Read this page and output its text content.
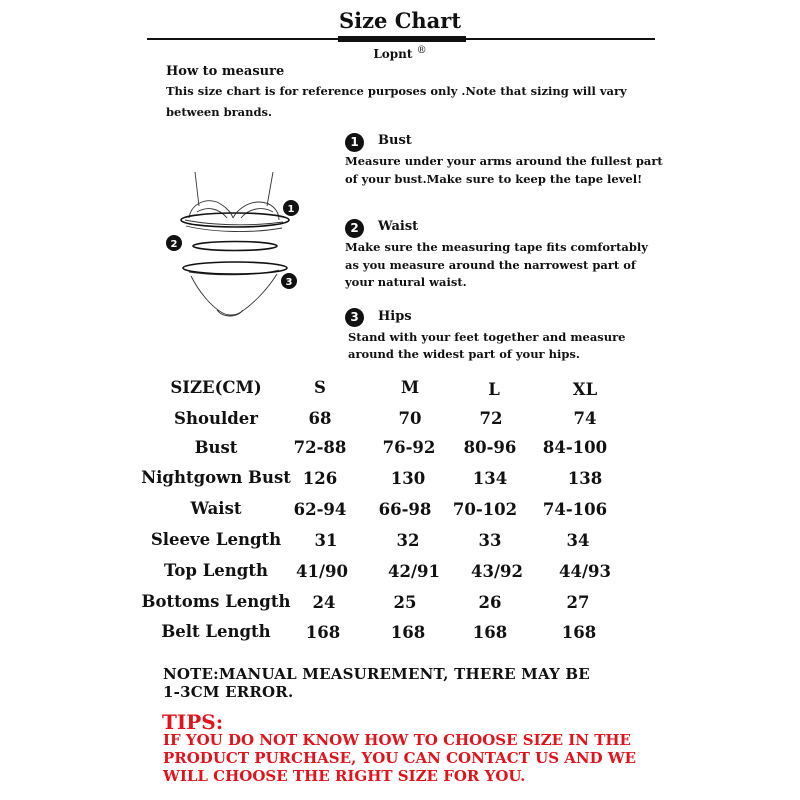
Size Chart
Lopnt ®
How to measure
This size chart is for reference purposes only .Note that sizing will vary
between brands.
1
2
3
1	Bust
Measure under your arms around the fullest part
of your bust.Make sure to keep the tape level!
2	Waist
Make sure the measuring tape fits comfortably
as you measure around the narrowest part of
your natural waist.
3	Hips
Stand with your feet together and measure
around the widest part of your hips.
SIZE(CM)	S	M	L	XL
Shoulder	68	70	72	74
Bust	72-88	76-92	80-96	84-100
Nightgown Bust 126	130	134	138
Waist	62-94	66-98	70-102	74-106
Sleeve Length	31	32	33	34
Top Length	41/90	42/91	43/92	44/93
Bottoms Length	24	25	26	27
Belt Length	168	168	168	168
NOTE:MANUAL MEASUREMENT, THERE MAY BE
1-3CM ERROR.
TIPS:
IF YOU DO NOT KNOW HOW TO CHOOSE SIZE IN THE
PRODUCT PURCHASE, YOU CAN CONTACT US AND WE
WILL CHOOSE THE RIGHT SIZE FOR YOU.
